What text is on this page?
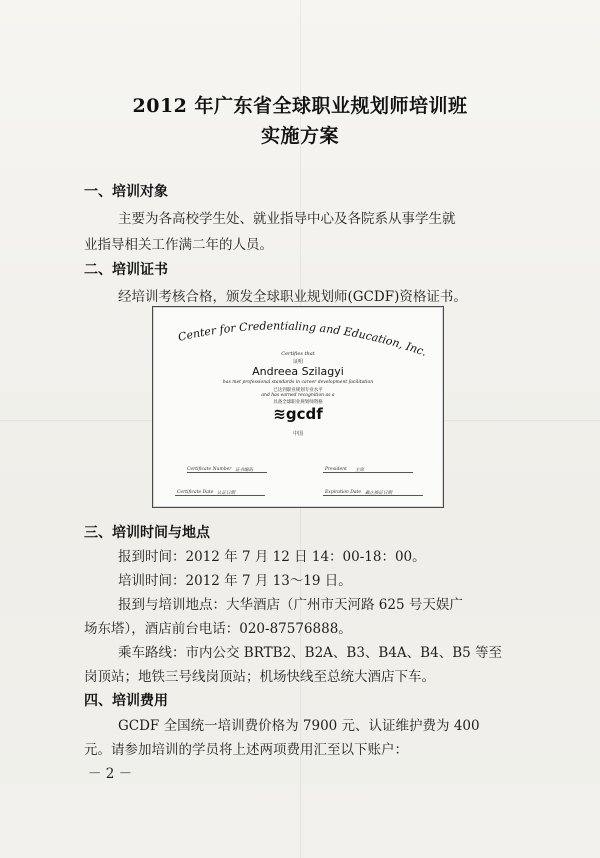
2012 年广东省全球职业规划师培训班
实施方案
一、培训对象
主要为各高校学生处、就业指导中心及各院系从事学生就
业指导相关工作满二年的人员。
二、培训证书
经培训考核合格，颁发全球职业规划师(GCDF)资格证书。
Center for Credentialing and Education, Inc.
Certifies that
证明
Andreea Szilagyi
has met professional standards in career development facilitation
已达到职业规划专业水平
and has earned recognition as a
具备全球职业规划师资格
≋gcdf
中国
Certificate Number 证书编码	President 主席
Certificate Date 认证日期	Expiration Date 截止换证日期
三、培训时间与地点
报到时间：2012 年 7 月 12 日 14：00-18：00。
培训时间：2012 年 7 月 13～19 日。
报到与培训地点：大华酒店（广州市天河路 625 号天娱广
场东塔），酒店前台电话：020-87576888。
乘车路线：市内公交 BRTB2、B2A、B3、B4A、B4、B5 等至
岗顶站；地铁三号线岗顶站；机场快线至总统大酒店下车。
四、培训费用
GCDF 全国统一培训费价格为 7900 元、认证维护费为 400
元。请参加培训的学员将上述两项费用汇至以下账户：
－ 2 －
